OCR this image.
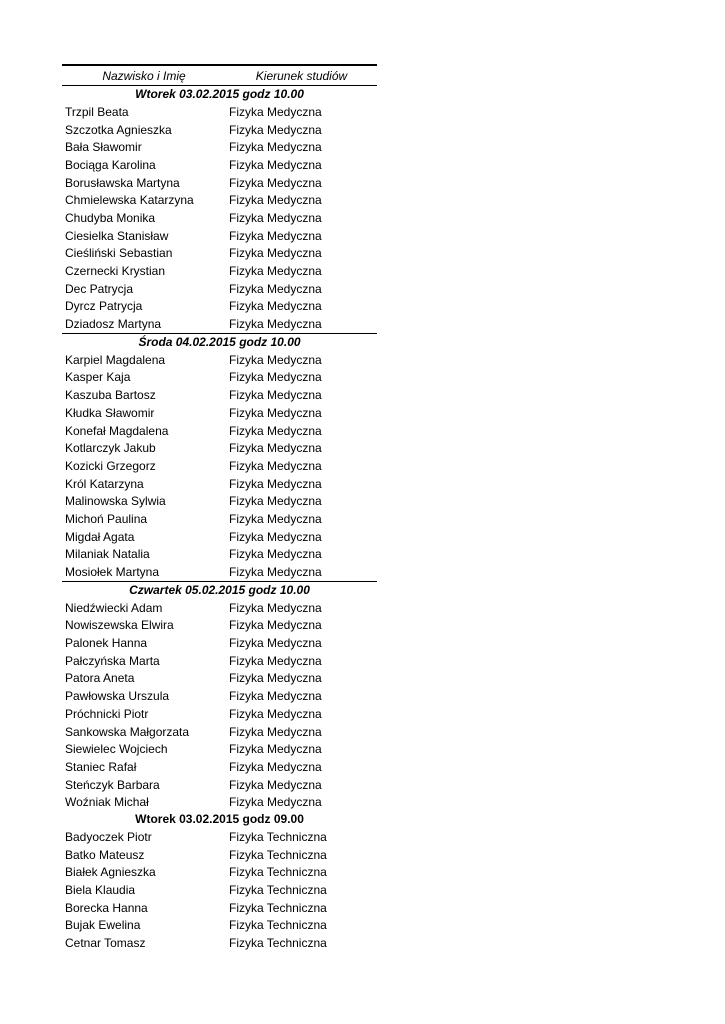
Nazwisko i Imię	Kierunek studiów
Wtorek 03.02.2015 godz 10.00
Trzpil Beata	Fizyka Medyczna
Szczotka Agnieszka	Fizyka Medyczna
Bała Sławomir	Fizyka Medyczna
Bociąga Karolina	Fizyka Medyczna
Borusławska Martyna	Fizyka Medyczna
Chmielewska Katarzyna	Fizyka Medyczna
Chudyba Monika	Fizyka Medyczna
Ciesielka Stanisław	Fizyka Medyczna
Cieśliński Sebastian	Fizyka Medyczna
Czernecki Krystian	Fizyka Medyczna
Dec Patrycja	Fizyka Medyczna
Dyrcz Patrycja	Fizyka Medyczna
Dziadosz Martyna	Fizyka Medyczna
Środa 04.02.2015 godz 10.00
Karpiel Magdalena	Fizyka Medyczna
Kasper Kaja	Fizyka Medyczna
Kaszuba Bartosz	Fizyka Medyczna
Kłudka Sławomir	Fizyka Medyczna
Konefał Magdalena	Fizyka Medyczna
Kotlarczyk Jakub	Fizyka Medyczna
Kozicki Grzegorz	Fizyka Medyczna
Król Katarzyna	Fizyka Medyczna
Malinowska Sylwia	Fizyka Medyczna
Michoń Paulina	Fizyka Medyczna
Migdał Agata	Fizyka Medyczna
Milaniak Natalia	Fizyka Medyczna
Mosiołek Martyna	Fizyka Medyczna
Czwartek 05.02.2015 godz 10.00
Niedźwiecki Adam	Fizyka Medyczna
Nowiszewska Elwira	Fizyka Medyczna
Palonek Hanna	Fizyka Medyczna
Pałczyńska Marta	Fizyka Medyczna
Patora Aneta	Fizyka Medyczna
Pawłowska Urszula	Fizyka Medyczna
Próchnicki Piotr	Fizyka Medyczna
Sankowska Małgorzata	Fizyka Medyczna
Siewielec Wojciech	Fizyka Medyczna
Staniec Rafał	Fizyka Medyczna
Steńczyk Barbara	Fizyka Medyczna
Woźniak Michał	Fizyka Medyczna
Wtorek 03.02.2015 godz 09.00
Badyoczek Piotr	Fizyka Techniczna
Batko Mateusz	Fizyka Techniczna
Białek Agnieszka	Fizyka Techniczna
Biela Klaudia	Fizyka Techniczna
Borecka Hanna	Fizyka Techniczna
Bujak Ewelina	Fizyka Techniczna
Cetnar Tomasz	Fizyka Techniczna
